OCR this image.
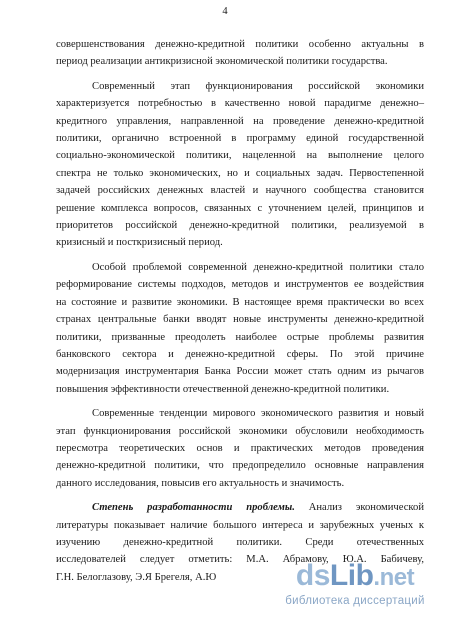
4

совершенствования денежно-кредитной политики особенно актуальны в
период реализации антикризисной экономической политики государства.

Современный этап функционирования российской экономики
характеризуется потребностью в качественно новой парадигме денежно–
кредитного управления, направленной на проведение денежно-кредитной
политики, органично встроенной в программу единой государственной
социально-экономической политики, нацеленной на выполнение целого
спектра не только экономических, но и социальных задач. Первостепенной
задачей российских денежных властей и научного сообщества становится
решение комплекса вопросов, связанных с уточнением целей, принципов и
приоритетов российской денежно-кредитной политики, реализуемой в
кризисный и посткризисный период.

Особой проблемой современной денежно-кредитной политики стало
реформирование системы подходов, методов и инструментов ее воздействия
на состояние и развитие экономики. В настоящее время практически во всех
странах центральные банки вводят новые инструменты денежно-кредитной
политики, призванные преодолеть наиболее острые проблемы развития
банковского сектора и денежно-кредитной сферы. По этой причине
модернизация инструментария Банка России может стать одним из рычагов
повышения эффективности отечественной денежно-кредитной политики.

Современные тенденции мирового экономического развития и новый
этап функционирования российской экономики обусловили необходимость
пересмотра теоретических основ и практических методов проведения
денежно-кредитной политики, что предопределило основные направления
данного исследования, повысив его актуальность и значимость.

Степень разработанности проблемы. Анализ экономической
литературы показывает наличие большого интереса и зарубежных ученых к
изучению денежно-кредитной политики. Среди отечественных
исследователей следует отметить: М.А. Абрамову, Ю.А. Бабичеву,
Г.Н. Белоглазову, Э.Я Брегеля, А.Ю	dsLib.net
библиотека диссертаций
